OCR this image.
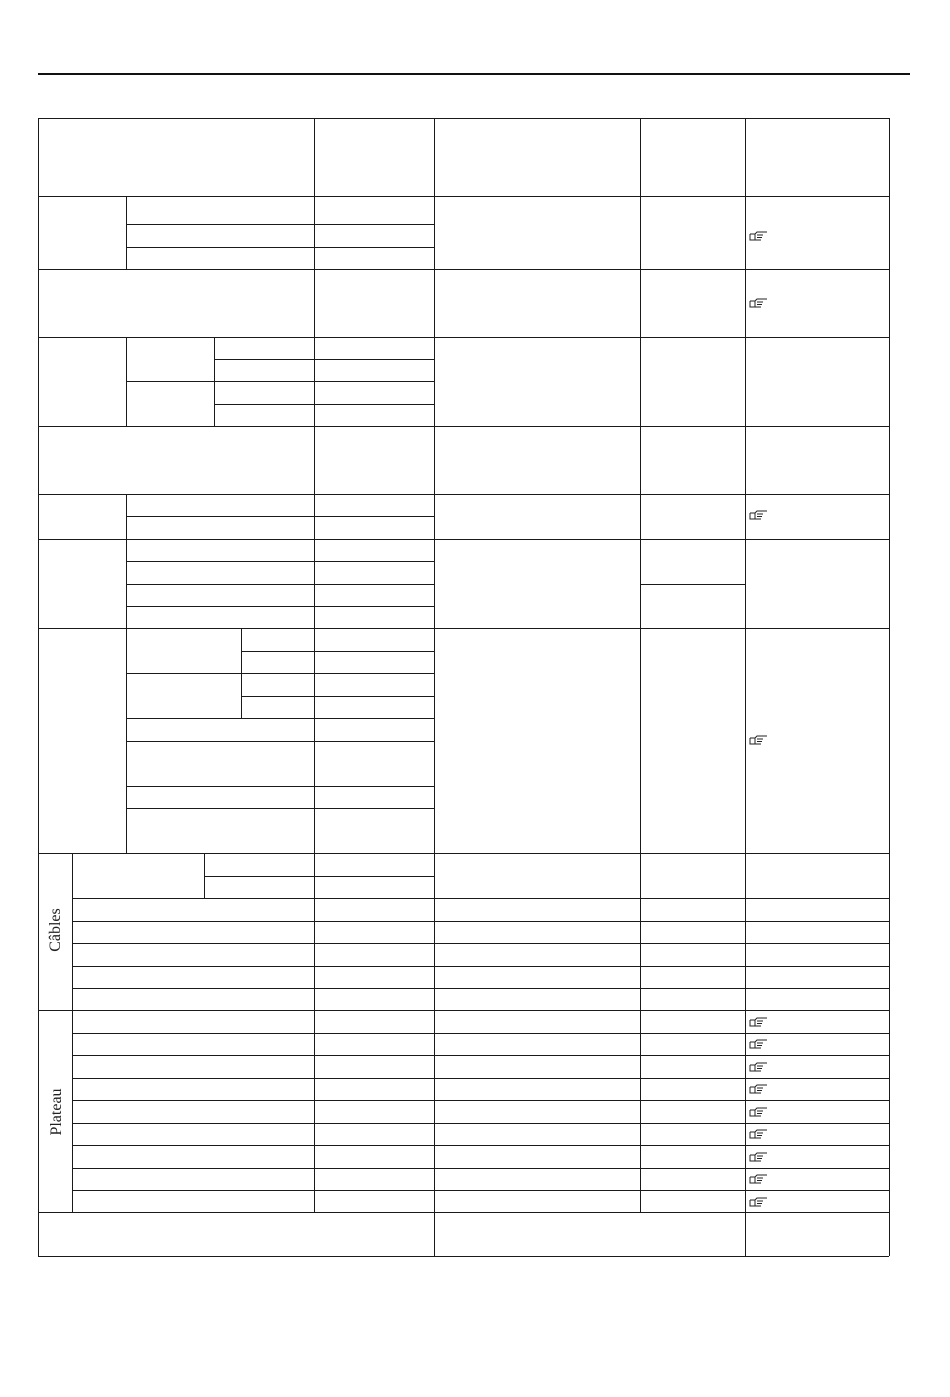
Câbles
Plateau
